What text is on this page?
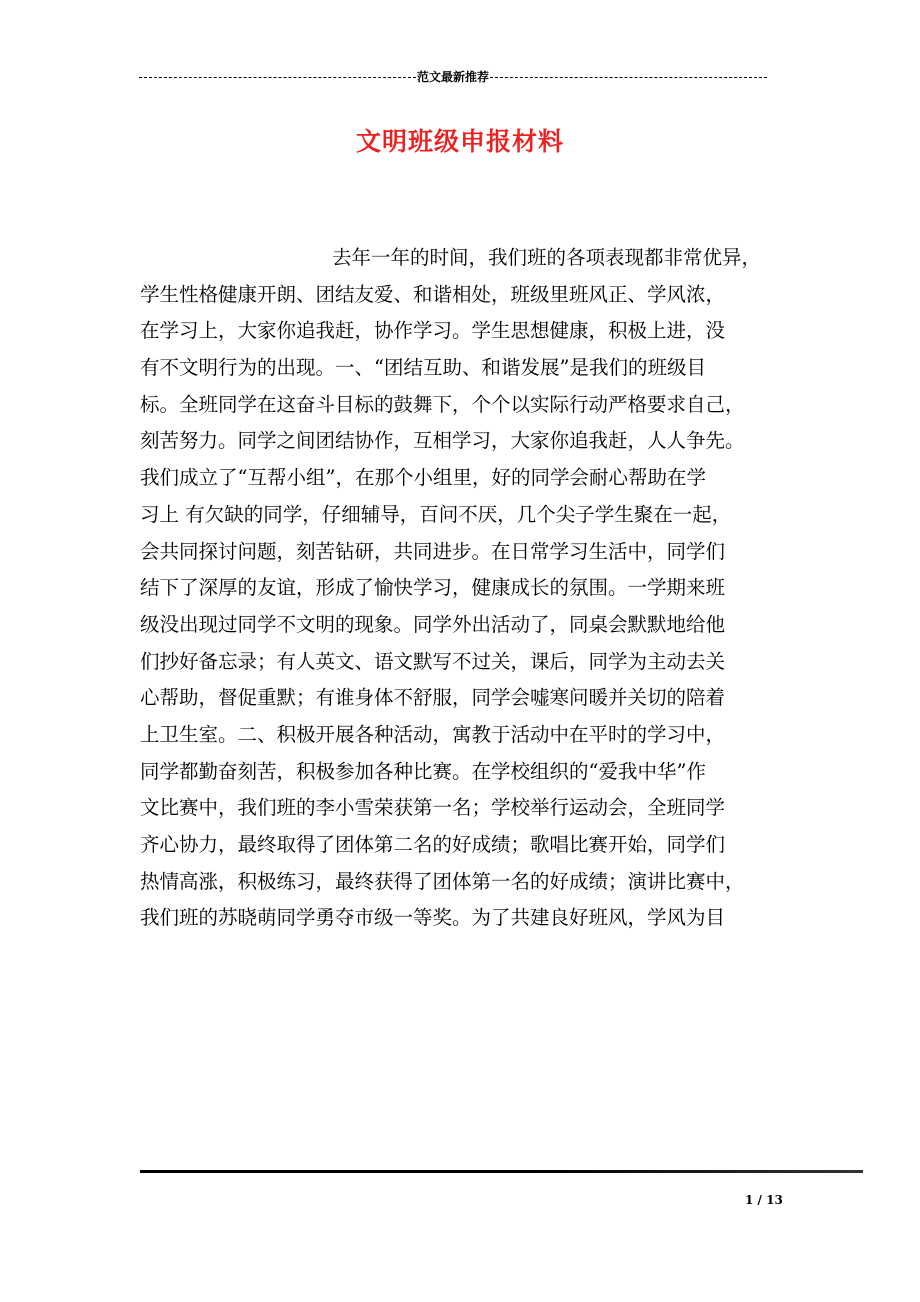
范文最新推荐
文明班级申报材料
去年一年的时间，我们班的各项表现都非常优异，
学生性格健康开朗、团结友爱、和谐相处，班级里班风正、学风浓，
在学习上，大家你追我赶，协作学习。学生思想健康，积极上进，没
有不文明行为的出现。一、“团结互助、和谐发展”是我们的班级目
标。全班同学在这奋斗目标的鼓舞下，个个以实际行动严格要求自己，
刻苦努力。同学之间团结协作，互相学习，大家你追我赶，人人争先。
我们成立了“互帮小组”，在那个小组里，好的同学会耐心帮助在学
习上 有欠缺的同学，仔细辅导，百问不厌，几个尖子学生聚在一起，
会共同探讨问题，刻苦钻研，共同进步。在日常学习生活中，同学们
结下了深厚的友谊，形成了愉快学习，健康成长的氛围。一学期来班
级没出现过同学不文明的现象。同学外出活动了，同桌会默默地给他
们抄好备忘录；有人英文、语文默写不过关，课后，同学为主动去关
心帮助，督促重默；有谁身体不舒服，同学会嘘寒问暖并关切的陪着
上卫生室。二、积极开展各种活动，寓教于活动中在平时的学习中，
同学都勤奋刻苦，积极参加各种比赛。在学校组织的“爱我中华”作
文比赛中，我们班的李小雪荣获第一名；学校举行运动会，全班同学
齐心协力，最终取得了团体第二名的好成绩；歌唱比赛开始，同学们
热情高涨，积极练习，最终获得了团体第一名的好成绩；演讲比赛中，
我们班的苏晓萌同学勇夺市级一等奖。为了共建良好班风，学风为目
1 / 13
